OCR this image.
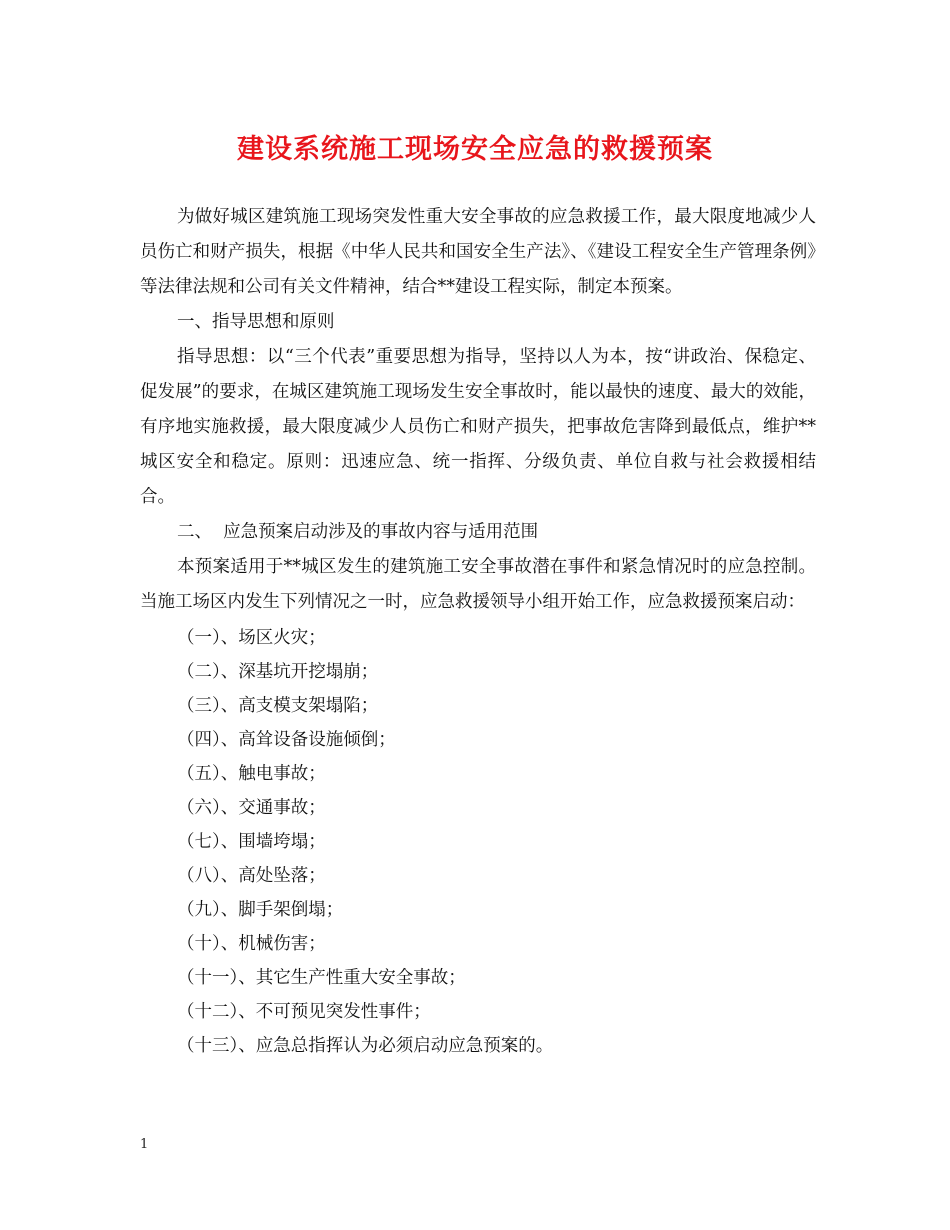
建设系统施工现场安全应急的救援预案

为做好城区建筑施工现场突发性重大安全事故的应急救援工作，最大限度地减少人员伤亡和财产损失，根据《中华人民共和国安全生产法》、《建设工程安全生产管理条例》等法律法规和公司有关文件精神，结合**建设工程实际，制定本预案。

一、指导思想和原则

指导思想：以“三个代表”重要思想为指导，坚持以人为本，按“讲政治、保稳定、促发展”的要求，在城区建筑施工现场发生安全事故时，能以最快的速度、最大的效能，有序地实施救援，最大限度减少人员伤亡和财产损失，把事故危害降到最低点，维护**城区安全和稳定。原则：迅速应急、统一指挥、分级负责、单位自救与社会救援相结合。

二、  应急预案启动涉及的事故内容与适用范围

本预案适用于**城区发生的建筑施工安全事故潜在事件和紧急情况时的应急控制。当施工场区内发生下列情况之一时，应急救援领导小组开始工作，应急救援预案启动：

（一）、场区火灾；
（二）、深基坑开挖塌崩；
（三）、高支模支架塌陷；
（四）、高耸设备设施倾倒；
（五）、触电事故；
（六）、交通事故；
（七）、围墙垮塌；
（八）、高处坠落；
（九）、脚手架倒塌；
（十）、机械伤害；
（十一）、其它生产性重大安全事故；
（十二）、不可预见突发性事件；
（十三）、应急总指挥认为必须启动应急预案的。
1
